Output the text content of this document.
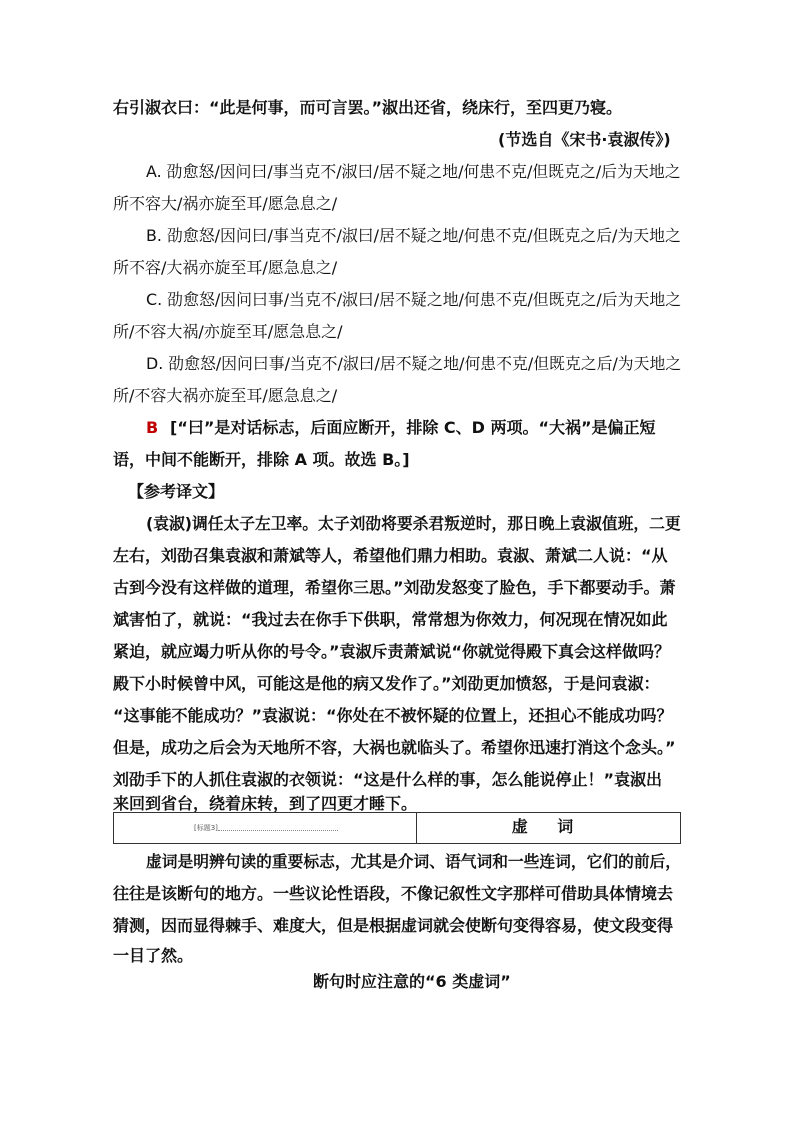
右引淑衣曰：“此是何事，而可言罢。”淑出还省，绕床行，至四更乃寝。
(节选自《宋书·袁淑传》)
A. 劭愈怒/因问曰/事当克不/淑曰/居不疑之地/何患不克/但既克之/后为天地之
所不容大/祸亦旋至耳/愿急息之/
B. 劭愈怒/因问曰/事当克不/淑曰/居不疑之地/何患不克/但既克之后/为天地之
所不容/大祸亦旋至耳/愿急息之/
C. 劭愈怒/因问曰事/当克不/淑曰/居不疑之地/何患不克/但既克之/后为天地之
所/不容大祸/亦旋至耳/愿急息之/
D. 劭愈怒/因问曰事/当克不/淑曰/居不疑之地/何患不克/但既克之后/为天地之
所/不容大祸亦旋至耳/愿急息之/
B [“曰”是对话标志，后面应断开，排除 C、D 两项。“大祸”是偏正短
语，中间不能断开，排除 A 项。故选 B。]
【参考译文】
(袁淑)调任太子左卫率。太子刘劭将要杀君叛逆时，那日晚上袁淑值班，二更
左右，刘劭召集袁淑和萧斌等人，希望他们鼎力相助。袁淑、萧斌二人说：“从
古到今没有这样做的道理，希望你三思。”刘劭发怒变了脸色，手下都要动手。萧
斌害怕了，就说：“我过去在你手下供职，常常想为你效力，何况现在情况如此
紧迫，就应竭力听从你的号令。”袁淑斥责萧斌说“你就觉得殿下真会这样做吗？
殿下小时候曾中风，可能这是他的病又发作了。”刘劭更加愤怒，于是问袁淑：
“这事能不能成功？”袁淑说：“你处在不被怀疑的位置上，还担心不能成功吗？
但是，成功之后会为天地所不容，大祸也就临头了。希望你迅速打消这个念头。”
刘劭手下的人抓住袁淑的衣领说：“这是什么样的事，怎么能说停止！”袁淑出
来回到省台，绕着床转，到了四更才睡下。
[标题3]	虚 词
虚词是明辨句读的重要标志，尤其是介词、语气词和一些连词，它们的前后，
往往是该断句的地方。一些议论性语段，不像记叙性文字那样可借助具体情境去
猜测，因而显得棘手、难度大，但是根据虚词就会使断句变得容易，使文段变得
一目了然。
断句时应注意的“6 类虚词”
